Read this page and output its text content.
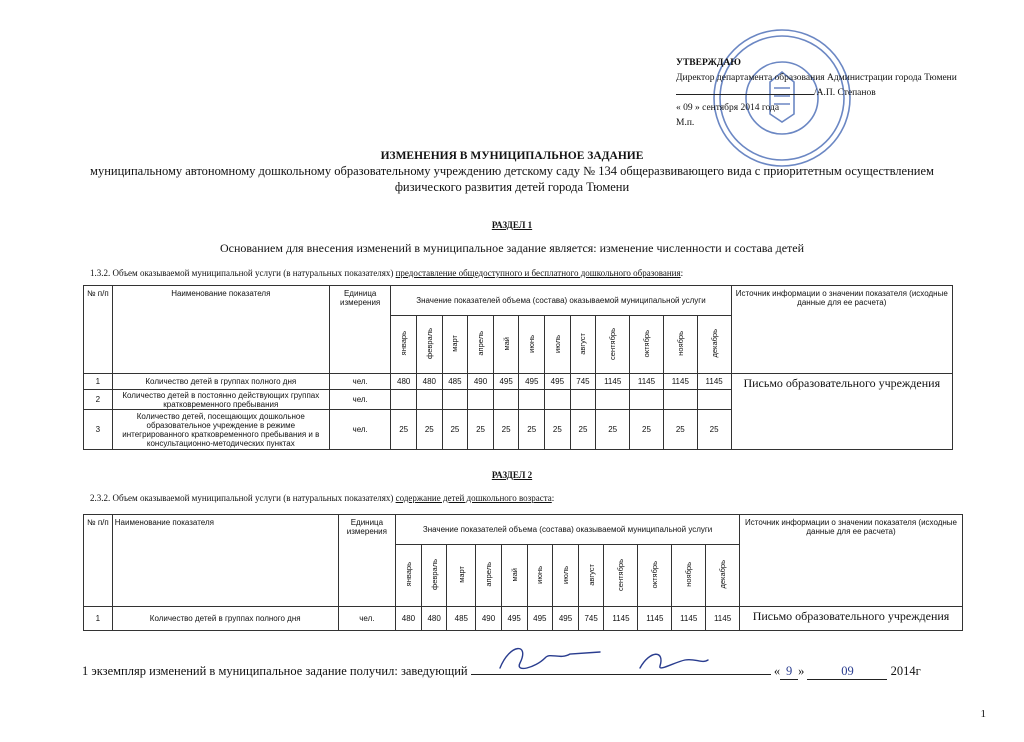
УТВЕРЖДАЮ
Директор департамента образования Администрации города Тюмени
/А.П. Степанов
« 09 » сентября 2014 года
М.п.
ИЗМЕНЕНИЯ В МУНИЦИПАЛЬНОЕ ЗАДАНИЕ
муниципальному автономному дошкольному образовательному учреждению детскому саду № 134 общеразвивающего вида с приоритетным осуществлением
физического развития детей города Тюмени
РАЗДЕЛ 1
Основанием для внесения изменений в муниципальное задание является: изменение численности и состава детей
1.3.2. Объем оказываемой муниципальной услуги (в натуральных показателях) предоставление общедоступного и бесплатного дошкольного образования:
№ п/п	Наименование показателя	Единица измерения	Значение показателей объема (состава) оказываемой муниципальной услуги												Источник информации о значении показателя (исходные данные для ее расчета)
			январь	февраль	март	апрель	май	июнь	июль	август	сентябрь	октябрь	ноябрь	декабрь	
1	Количество детей в группах полного дня	чел.	480	480	485	490	495	495	495	745	1145	1145	1145	1145	Письмо образовательного учреждения
2	Количество детей в постоянно действующих группах кратковременного пребывания	чел.													
3	Количество детей, посещающих дошкольное образовательное учреждение в режиме интегрированного кратковременного пребывания и в консультационно-методических пунктах	чел.	25	25	25	25	25	25	25	25	25	25	25	25	
РАЗДЕЛ 2
2.3.2. Объем оказываемой муниципальной услуги (в натуральных показателях) содержание детей дошкольного возраста:
№ п/п	Наименование показателя	Единица измерения	Значение показателей объема (состава) оказываемой муниципальной услуги												Источник информации о значении показателя (исходные данные для ее расчета)
			январь	февраль	март	апрель	май	июнь	июль	август	сентябрь	октябрь	ноябрь	декабрь	
1	Количество детей в группах полного дня	чел.	480	480	485	490	495	495	495	745	1145	1145	1145	1145	Письмо образовательного учреждения
1 экземпляр изменений в муниципальное задание получил: заведующий	« 9 »	09	2014г
1
